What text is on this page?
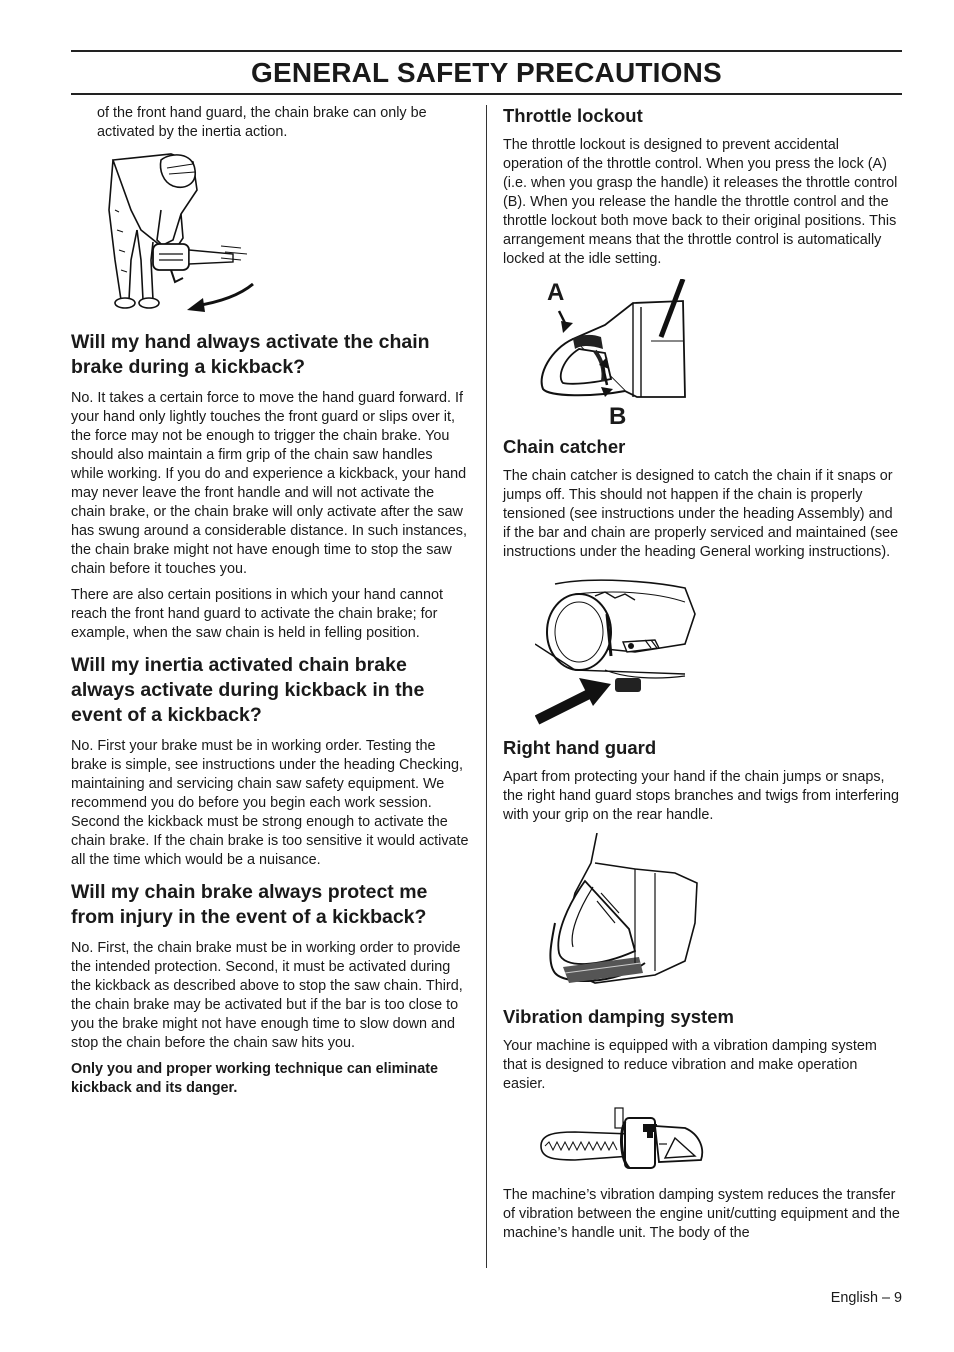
GENERAL SAFETY PRECAUTIONS

of the front hand guard, the chain brake can only be activated by the inertia action.

Will my hand always activate the chain brake during a kickback?

No. It takes a certain force to move the hand guard forward. If your hand only lightly touches the front guard or slips over it, the force may not be enough to trigger the chain brake. You should also maintain a firm grip of the chain saw handles while working. If you do and experience a kickback, your hand may never leave the front handle and will not activate the chain brake, or the chain brake will only activate after the saw has swung around a considerable distance. In such instances, the chain brake might not have enough time to stop the saw chain before it touches you.

There are also certain positions in which your hand cannot reach the front hand guard to activate the chain brake; for example, when the saw chain is held in felling position.

Will my inertia activated chain brake always activate during kickback in the event of a kickback?

No. First your brake must be in working order. Testing the brake is simple, see instructions under the heading Checking, maintaining and servicing chain saw safety equipment. We recommend you do before you begin each work session. Second the kickback must be strong enough to activate the chain brake. If the chain brake is too sensitive it would activate all the time which would be a nuisance.

Will my chain brake always protect me from injury in the event of a kickback?

No. First, the chain brake must be in working order to provide the intended protection. Second, it must be activated during the kickback as described above to stop the saw chain. Third, the chain brake may be activated but if the bar is too close to you the brake might not have enough time to slow down and stop the chain before the chain saw hits you.

Only you and proper working technique can eliminate kickback and its danger.

Throttle lockout

The throttle lockout is designed to prevent accidental operation of the throttle control. When you press the lock (A) (i.e. when you grasp the handle) it releases the throttle control (B). When you release the handle the throttle control and the throttle lockout both move back to their original positions. This arrangement means that the throttle control is automatically locked at the idle setting.

A
B
Chain catcher

The chain catcher is designed to catch the chain if it snaps or jumps off. This should not happen if the chain is properly tensioned (see instructions under the heading Assembly) and if the bar and chain are properly serviced and maintained (see instructions under the heading General working instructions).

Right hand guard

Apart from protecting your hand if the chain jumps or snaps, the right hand guard stops branches and twigs from interfering with your grip on the rear handle.

Vibration damping system

Your machine is equipped with a vibration damping system that is designed to reduce vibration and make operation easier.

The machine’s vibration damping system reduces the transfer of vibration between the engine unit/cutting equipment and the machine’s handle unit. The body of the

English – 9
